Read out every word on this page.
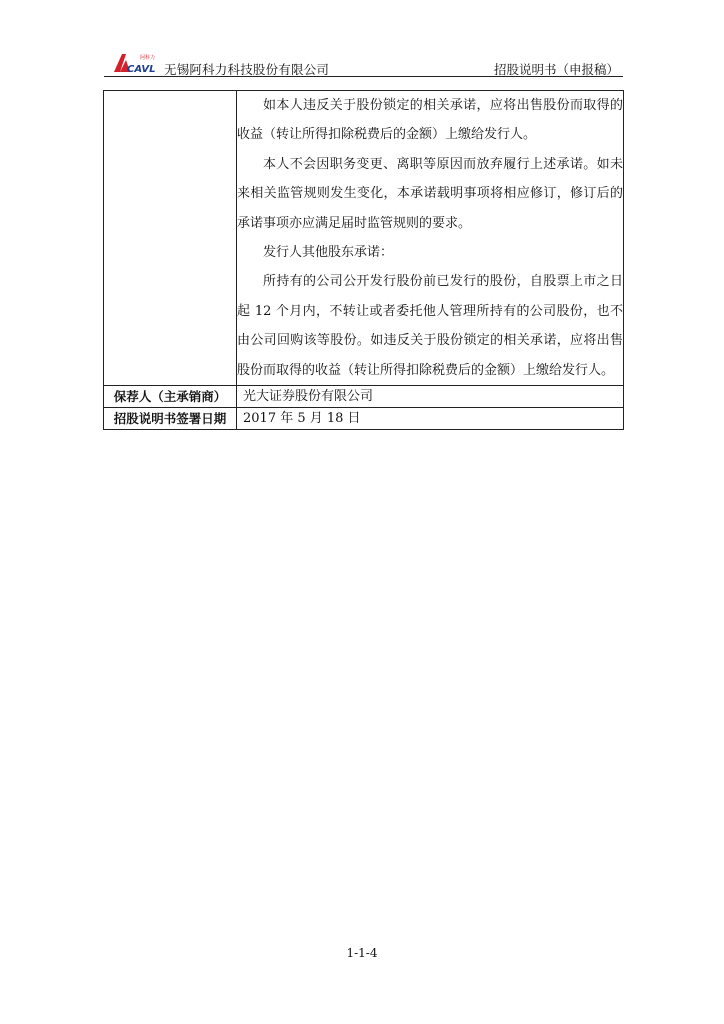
阿科力
CAVL 无锡阿科力科技股份有限公司	招股说明书（申报稿）

	如本人违反关于股份锁定的相关承诺，应将出售股份而取得的收益（转让所得扣除税费后的金额）上缴给发行人。

本人不会因职务变更、离职等原因而放弃履行上述承诺。如未来相关监管规则发生变化，本承诺载明事项将相应修订，修订后的承诺事项亦应满足届时监管规则的要求。

发行人其他股东承诺：

所持有的公司公开发行股份前已发行的股份，自股票上市之日起 12 个月内，不转让或者委托他人管理所持有的公司股份，也不由公司回购该等股份。如违反关于股份锁定的相关承诺，应将出售股份而取得的收益（转让所得扣除税费后的金额）上缴给发行人。

保荐人（主承销商）	光大证券股份有限公司
招股说明书签署日期	2017 年 5 月 18 日
1-1-4
